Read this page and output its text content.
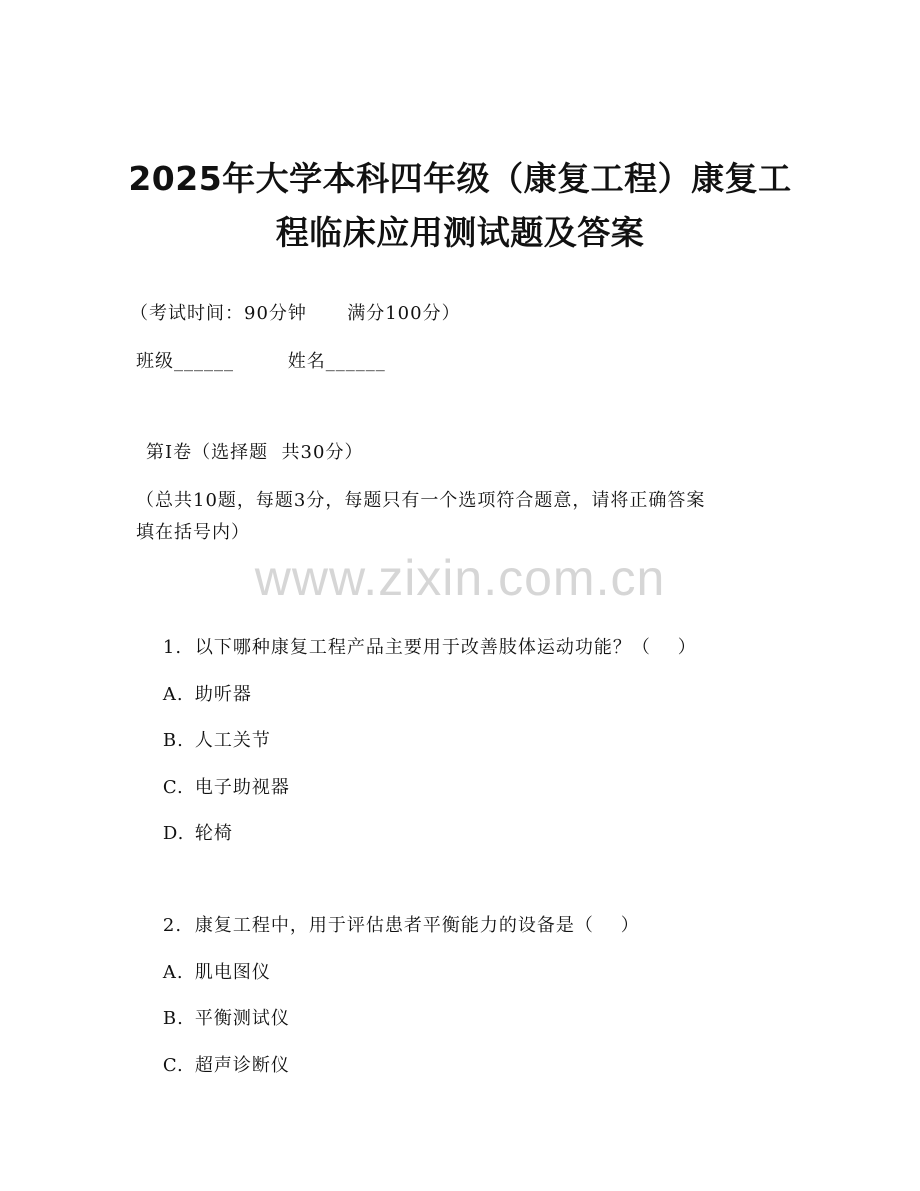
2025年大学本科四年级（康复工程）康复工
程临床应用测试题及答案
（考试时间：90分钟      满分100分）
班级______        姓名______
第I卷（选择题  共30分）
（总共10题，每题3分，每题只有一个选项符合题意，请将正确答案
填在括号内）
www.zixin.com.cn

1. 以下哪种康复工程产品主要用于改善肢体运动功能？（    ）

A. 助听器

B. 人工关节

C. 电子助视器

D. 轮椅

2. 康复工程中，用于评估患者平衡能力的设备是（    ）

A. 肌电图仪

B. 平衡测试仪

C. 超声诊断仪
